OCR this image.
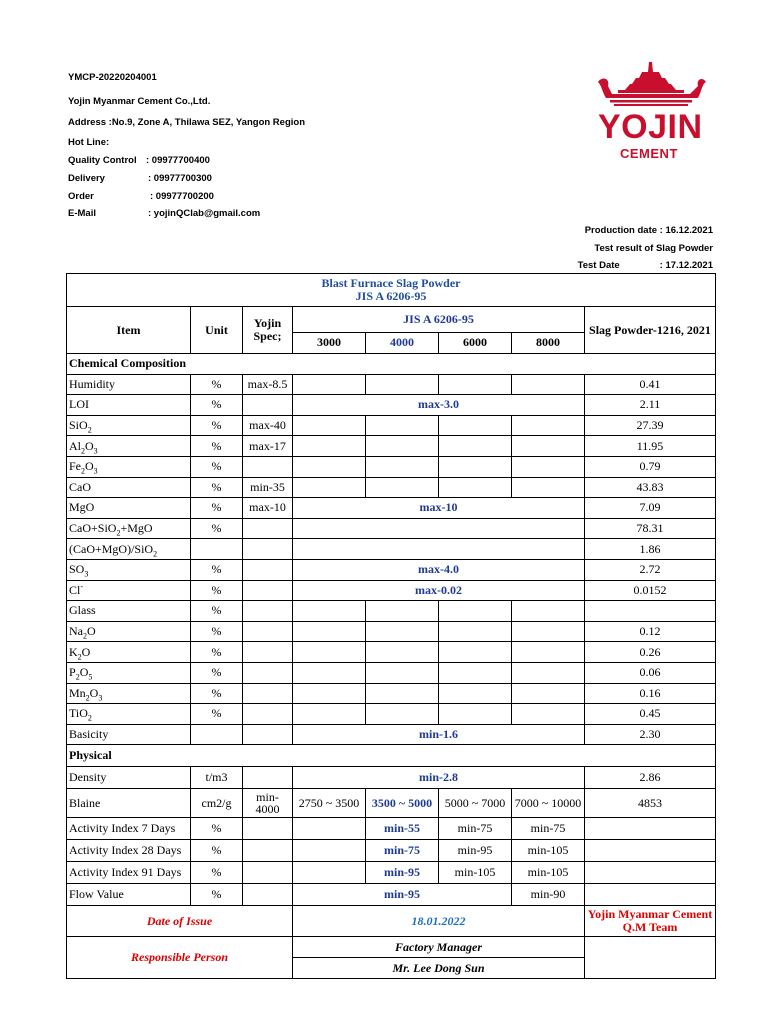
YMCP-20220204001
Yojin Myanmar Cement Co.,Ltd.
Address :No.9, Zone A, Thilawa SEZ, Yangon Region
Hot Line:
Quality Control : 09977700400
Delivery	: 09977700300
Order	: 09977700200
E-Mail	: yojinQClab@gmail.com
YOJIN
CEMENT
Production date : 16.12.2021
Test result of Slag Powder
Test Date	: 17.12.2021
Blast Furnace Slag Powder
JIS A 6206-95							

Item	Unit	Yojin Spec;	JIS A 6206-95				Slag Powder-1216, 2021
			3000	4000	6000	8000	
Chemical Composition							
Humidity	%	max-8.5					0.41
LOI	%		max-3.0				2.11
SiO$_2$	%	max-40					27.39
$Al_2O_3$	%	max-17					11.95
$Fe_2O_3$	%						0.79
CaO	%	min-35					43.83
MgO	%	max-10	max-10				7.09
CaO+SiO$_2$+MgO	%						78.31
(CaO+MgO)/SiO$_2$							1.86
$SO_3$	%		max-4.0				2.72
Cl-	%		max-0.02				0.0152
Glass	%						
$Na_2O$	%						0.12
$K_2O$	%						0.26
$P_2O_5$	%						0.06
$Mn_2O_3$	%						0.16
TiO$_2$	%						0.45
Basicity			min-1.6				2.30
Physical							
Density	t/m3		min-2.8				2.86
Blaine	cm2/g	min-4000	2750 ~ 3500	3500 ~ 5000	5000 ~ 7000	7000 ~ 10000	4853
Activity Index 7 Days	%			min-55	min-75	min-75	
Activity Index 28 Days	%			min-75	min-95	min-105	
Activity Index 91 Days	%			min-95	min-105	min-105	
Flow Value	%		min-95			min-90	
Date of Issue			18.01.2022				Yojin Myanmar Cement Q.M Team
Responsible Person			Factory Manager				
			Mr. Lee Dong Sun				
